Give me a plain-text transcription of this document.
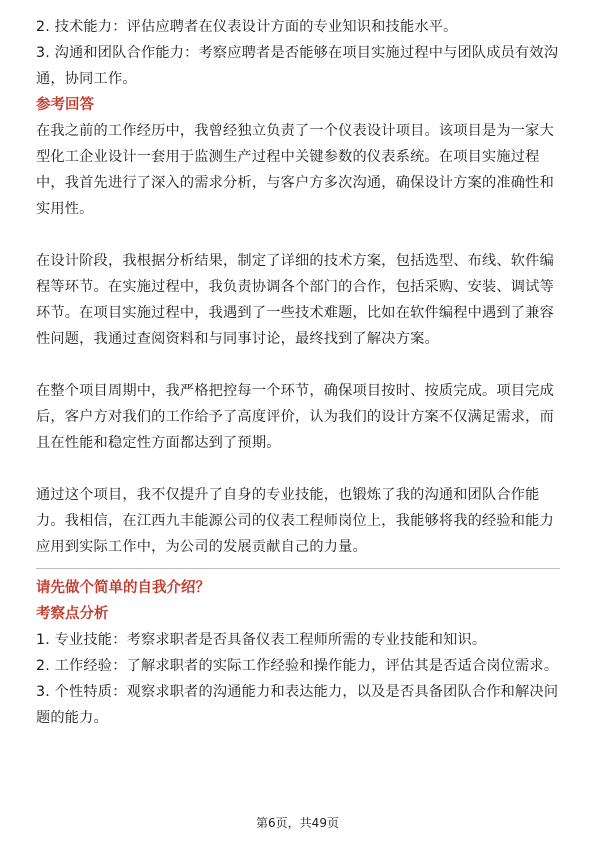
2. 技术能力：评估应聘者在仪表设计方面的专业知识和技能水平。
3. 沟通和团队合作能力：考察应聘者是否能够在项目实施过程中与团队成员有效沟
通，协同工作。
参考回答
在我之前的工作经历中，我曾经独立负责了一个仪表设计项目。该项目是为一家大
型化工企业设计一套用于监测生产过程中关键参数的仪表系统。在项目实施过程
中，我首先进行了深入的需求分析，与客户方多次沟通，确保设计方案的准确性和
实用性。
在设计阶段，我根据分析结果，制定了详细的技术方案，包括选型、布线、软件编
程等环节。在实施过程中，我负责协调各个部门的合作，包括采购、安装、调试等
环节。在项目实施过程中，我遇到了一些技术难题，比如在软件编程中遇到了兼容
性问题，我通过查阅资料和与同事讨论，最终找到了解决方案。
在整个项目周期中，我严格把控每一个环节，确保项目按时、按质完成。项目完成
后，客户方对我们的工作给予了高度评价，认为我们的设计方案不仅满足需求，而
且在性能和稳定性方面都达到了预期。
通过这个项目，我不仅提升了自身的专业技能，也锻炼了我的沟通和团队合作能
力。我相信，在江西九丰能源公司的仪表工程师岗位上，我能够将我的经验和能力
应用到实际工作中，为公司的发展贡献自己的力量。
请先做个简单的自我介绍？
考察点分析
1. 专业技能：考察求职者是否具备仪表工程师所需的专业技能和知识。
2. 工作经验：了解求职者的实际工作经验和操作能力，评估其是否适合岗位需求。
3. 个性特质：观察求职者的沟通能力和表达能力，以及是否具备团队合作和解决问
题的能力。
第6页，共49页
